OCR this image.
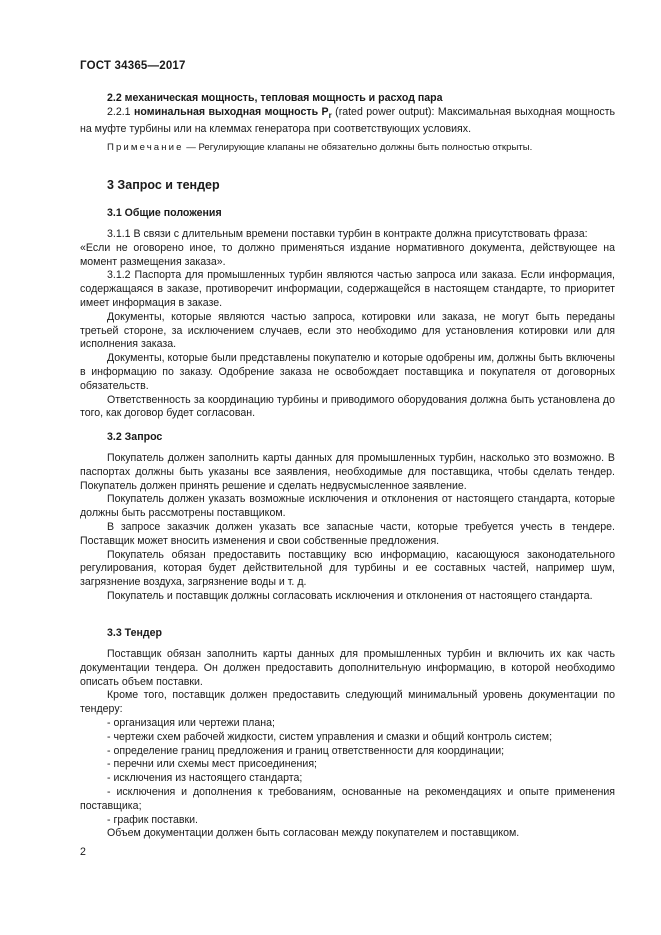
ГОСТ 34365—2017

2.2 механическая мощность, тепловая мощность и расход пара

2.2.1 номинальная выходная мощность $P_r$ (rated power output): Максимальная выходная мощность на муфте турбины или на клеммах генератора при соответствующих условиях.

Примечание — Регулирующие клапаны не обязательно должны быть полностью открыты.

3 Запрос и тендер

3.1 Общие положения

3.1.1 В связи с длительным времени поставки турбин в контракте должна присутствовать фраза:

«Если не оговорено иное, то должно применяться издание нормативного документа, действующее на момент размещения заказа».

3.1.2 Паспорта для промышленных турбин являются частью запроса или заказа. Если информация, содержащаяся в заказе, противоречит информации, содержащейся в настоящем стандарте, то приоритет имеет информация в заказе.

Документы, которые являются частью запроса, котировки или заказа, не могут быть переданы третьей стороне, за исключением случаев, если это необходимо для установления котировки или для исполнения заказа.

Документы, которые были представлены покупателю и которые одобрены им, должны быть включены в информацию по заказу. Одобрение заказа не освобождает поставщика и покупателя от договорных обязательств.

Ответственность за координацию турбины и приводимого оборудования должна быть установлена до того, как договор будет согласован.

3.2 Запрос

Покупатель должен заполнить карты данных для промышленных турбин, насколько это возможно. В паспортах должны быть указаны все заявления, необходимые для поставщика, чтобы сделать тендер. Покупатель должен принять решение и сделать недвусмысленное заявление.

Покупатель должен указать возможные исключения и отклонения от настоящего стандарта, которые должны быть рассмотрены поставщиком.

В запросе заказчик должен указать все запасные части, которые требуется учесть в тендере. Поставщик может вносить изменения и свои собственные предложения.

Покупатель обязан предоставить поставщику всю информацию, касающуюся законодательного регулирования, которая будет действительной для турбины и ее составных частей, например шум, загрязнение воздуха, загрязнение воды и т. д.

Покупатель и поставщик должны согласовать исключения и отклонения от настоящего стандарта.

3.3 Тендер

Поставщик обязан заполнить карты данных для промышленных турбин и включить их как часть документации тендера. Он должен предоставить дополнительную информацию, в которой необходимо описать объем поставки.

Кроме того, поставщик должен предоставить следующий минимальный уровень документации по тендеру:

- организация или чертежи плана;

- чертежи схем рабочей жидкости, систем управления и смазки и общий контроль систем;

- определение границ предложения и границ ответственности для координации;

- перечни или схемы мест присоединения;

- исключения из настоящего стандарта;

- исключения и дополнения к требованиям, основанные на рекомендациях и опыте применения поставщика;

- график поставки.

Объем документации должен быть согласован между покупателем и поставщиком.

2
